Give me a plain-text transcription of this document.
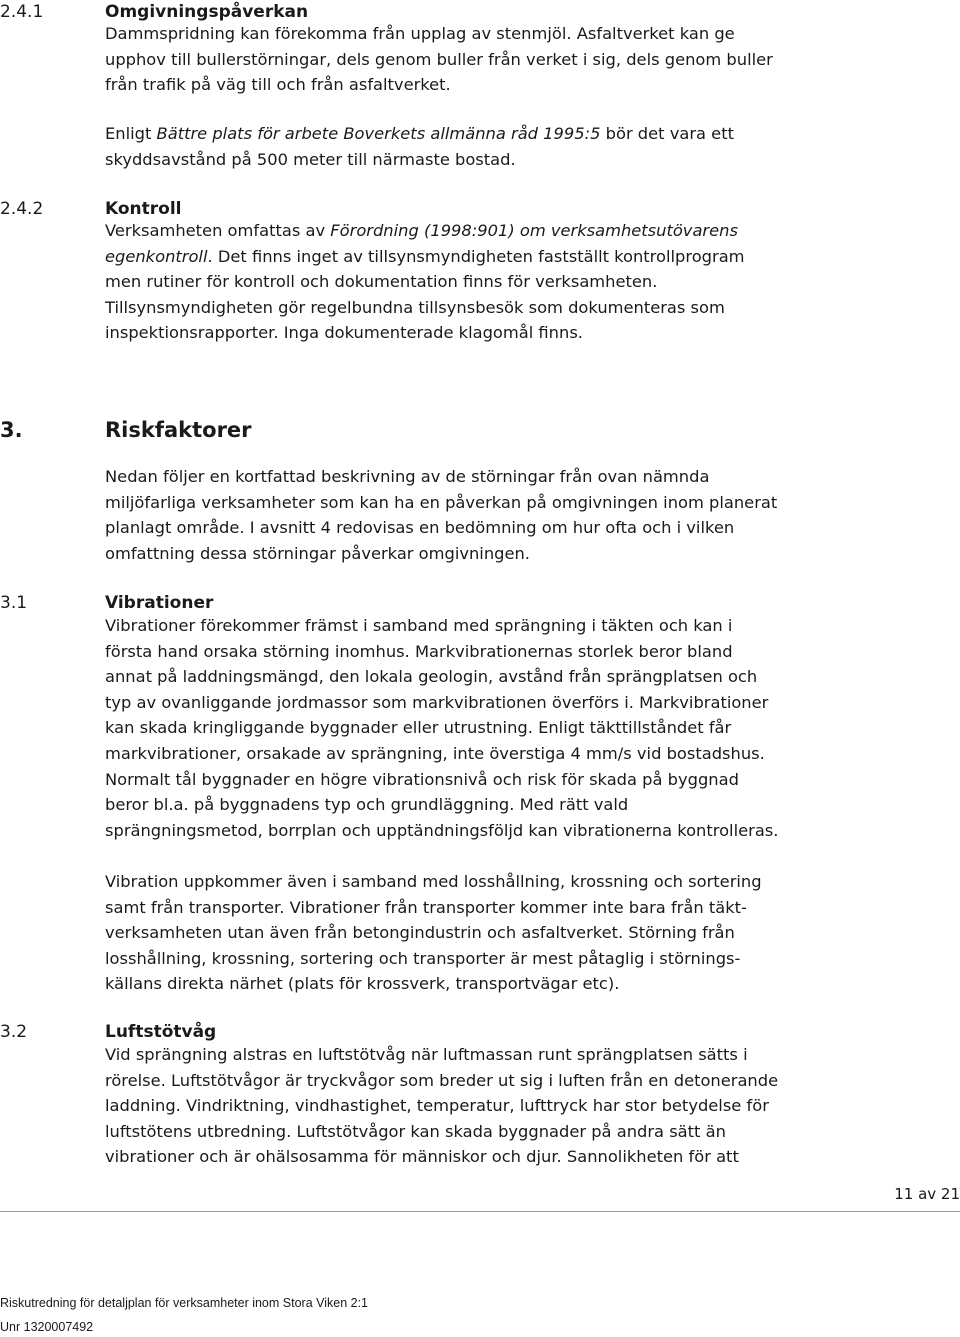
2.4.1	Omgivningspåverkan
Dammspridning kan förekomma från upplag av stenmjöl. Asfaltverket kan ge
upphov till bullerstörningar, dels genom buller från verket i sig, dels genom buller
från trafik på väg till och från asfaltverket.
Enligt Bättre plats för arbete Boverkets allmänna råd 1995:5 bör det vara ett
skyddsavstånd på 500 meter till närmaste bostad.
2.4.2	Kontroll
Verksamheten omfattas av Förordning (1998:901) om verksamhetsutövarens
egenkontroll. Det finns inget av tillsynsmyndigheten fastställt kontrollprogram
men rutiner för kontroll och dokumentation finns för verksamheten.
Tillsynsmyndigheten gör regelbundna tillsynsbesök som dokumenteras som
inspektionsrapporter. Inga dokumenterade klagomål finns.
3.	Riskfaktorer
Nedan följer en kortfattad beskrivning av de störningar från ovan nämnda
miljöfarliga verksamheter som kan ha en påverkan på omgivningen inom planerat
planlagt område. I avsnitt 4 redovisas en bedömning om hur ofta och i vilken
omfattning dessa störningar påverkar omgivningen.
3.1	Vibrationer
Vibrationer förekommer främst i samband med sprängning i täkten och kan i
första hand orsaka störning inomhus. Markvibrationernas storlek beror bland
annat på laddningsmängd, den lokala geologin, avstånd från sprängplatsen och
typ av ovanliggande jordmassor som markvibrationen överförs i. Markvibrationer
kan skada kringliggande byggnader eller utrustning. Enligt täkttillståndet får
markvibrationer, orsakade av sprängning, inte överstiga 4 mm/s vid bostadshus.
Normalt tål byggnader en högre vibrationsnivå och risk för skada på byggnad
beror bl.a. på byggnadens typ och grundläggning. Med rätt vald
sprängningsmetod, borrplan och upptändningsföljd kan vibrationerna kontrolleras.
Vibration uppkommer även i samband med losshållning, krossning och sortering
samt från transporter. Vibrationer från transporter kommer inte bara från täkt-
verksamheten utan även från betongindustrin och asfaltverket. Störning från
losshållning, krossning, sortering och transporter är mest påtaglig i störnings-
källans direkta närhet (plats för krossverk, transportvägar etc).
3.2	Luftstötvåg
Vid sprängning alstras en luftstötvåg när luftmassan runt sprängplatsen sätts i
rörelse. Luftstötvågor är tryckvågor som breder ut sig i luften från en detonerande
laddning. Vindriktning, vindhastighet, temperatur, lufttryck har stor betydelse för
luftstötens utbredning. Luftstötvågor kan skada byggnader på andra sätt än
vibrationer och är ohälsosamma för människor och djur. Sannolikheten för att
11 av 21
Riskutredning för detaljplan för verksamheter inom Stora Viken 2:1
Unr 1320007492
